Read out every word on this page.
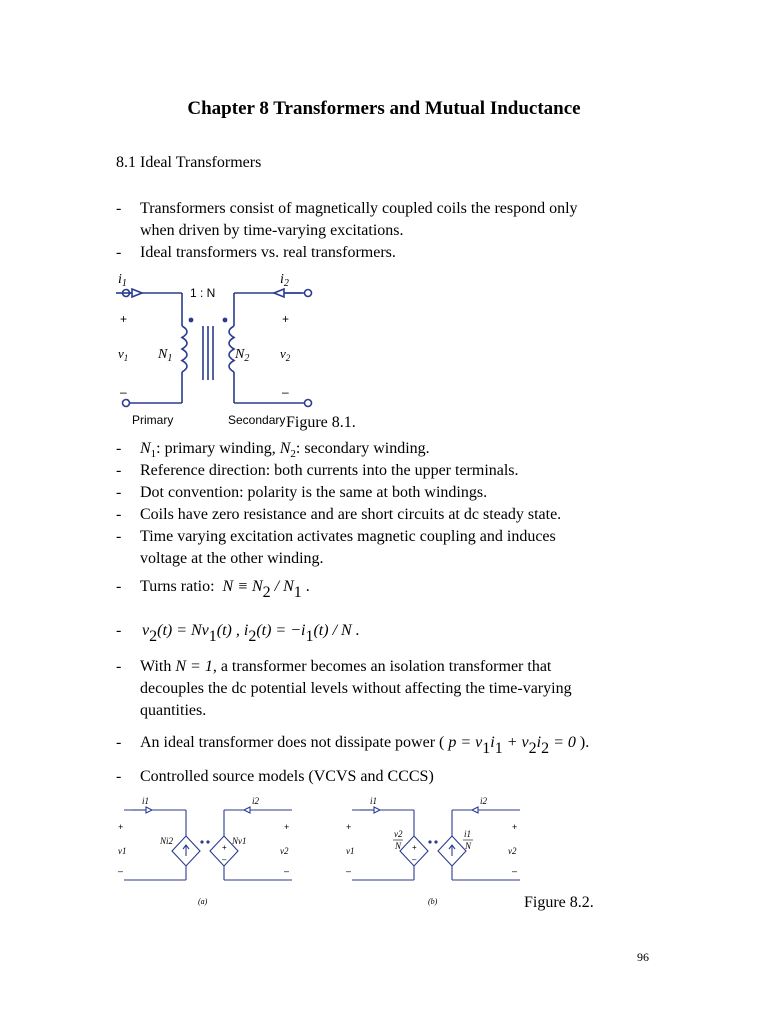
Chapter 8 Transformers and Mutual Inductance
8.1 Ideal Transformers
- Transformers consist of magnetically coupled coils the respond only
when driven by time-varying excitations.
- Ideal transformers vs. real transformers.
$i_1$	$i_2$
1 : N
+	+
$v_1$	$v_2$
$N_1$	$N_2$
–	–
Primary	Secondary Figure 8.1.
- $N_1$: primary winding, $N_2$: secondary winding.
- Reference direction: both currents into the upper terminals.
- Dot convention: polarity is the same at both windings.
- Coils have zero resistance and are short circuits at dc steady state.
- Time varying excitation activates magnetic coupling and induces
voltage at the other winding.
- Turns ratio: N ≡ N2 / N1 .
- v2(t) = Nv1(t) , i2(t) = −i1(t) / N .
- With N = 1, a transformer becomes an isolation transformer that
decouples the dc potential levels without affecting the time-varying
quantities.
- An ideal transformer does not dissipate power ( p = v1i1 + v2i2 = 0 ).
- Controlled source models (VCVS and CCCS)
i1	i2
Ni2	Nv1
+
–
+	+
v1	v2
–	–
(a)
i1	i2
v2
N
i1
N
+
–
+	+
v1	v2
–	–
(b)	Figure 8.2.
96
